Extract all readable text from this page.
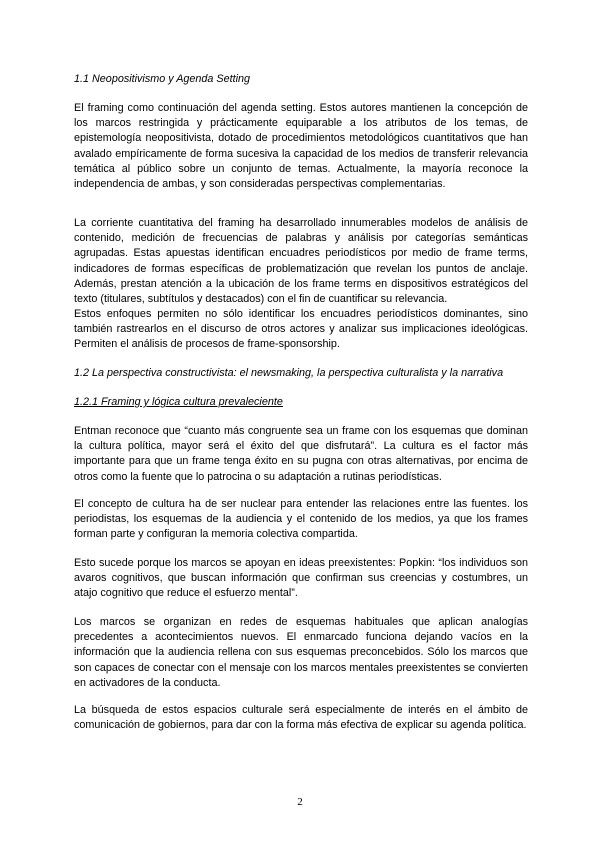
1.1 Neopositivismo y Agenda Setting

El framing como continuación del agenda setting. Estos autores mantienen la concepción de los marcos restringida y prácticamente equiparable a los atributos de los temas, de epistemología neopositivista, dotado de procedimientos metodológicos cuantitativos que han avalado empíricamente de forma sucesiva la capacidad de los medios de transferir relevancia temática al público sobre un conjunto de temas. Actualmente, la mayoría reconoce la independencia de ambas, y son consideradas perspectivas complementarias.

La corriente cuantitativa del framing ha desarrollado innumerables modelos de análisis de contenido, medición de frecuencias de palabras y análisis por categorías semánticas agrupadas. Estas apuestas identifican encuadres periodísticos por medio de frame terms, indicadores de formas específicas de problematización que revelan los puntos de anclaje. Además, prestan atención a la ubicación de los frame terms en dispositivos estratégicos del texto (titulares, subtítulos y destacados) con el fin de cuantificar su relevancia.

Estos enfoques permiten no sólo identificar los encuadres periodísticos dominantes, sino también rastrearlos en el discurso de otros actores y analizar sus implicaciones ideológicas. Permiten el análisis de procesos de frame-sponsorship.

1.2 La perspectiva constructivista: el newsmaking, la perspectiva culturalista y la narrativa

1.2.1 Framing y lógica cultura prevaleciente

Entman reconoce que “cuanto más congruente sea un frame con los esquemas que dominan la cultura política, mayor será el éxito del que disfrutará”. La cultura es el factor más importante para que un frame tenga éxito en su pugna con otras alternativas, por encima de otros como la fuente que lo patrocina o su adaptación a rutinas periodísticas.

El concepto de cultura ha de ser nuclear para entender las relaciones entre las fuentes. los periodistas, los esquemas de la audiencia y el contenido de los medios, ya que los frames forman parte y configuran la memoria colectiva compartida.

Esto sucede porque los marcos se apoyan en ideas preexistentes: Popkin: “los individuos son avaros cognitivos, que buscan información que confirman sus creencias y costumbres, un atajo cognitivo que reduce el esfuerzo mental”.

Los marcos se organizan en redes de esquemas habituales que aplican analogías precedentes a acontecimientos nuevos. El enmarcado funciona dejando vacíos en la información que la audiencia rellena con sus esquemas preconcebidos. Sólo los marcos que son capaces de conectar con el mensaje con los marcos mentales preexistentes se convierten en activadores de la conducta.

La búsqueda de estos espacios culturale será especialmente de interés en el ámbito de comunicación de gobiernos, para dar con la forma más efectiva de explicar su agenda política.

2
